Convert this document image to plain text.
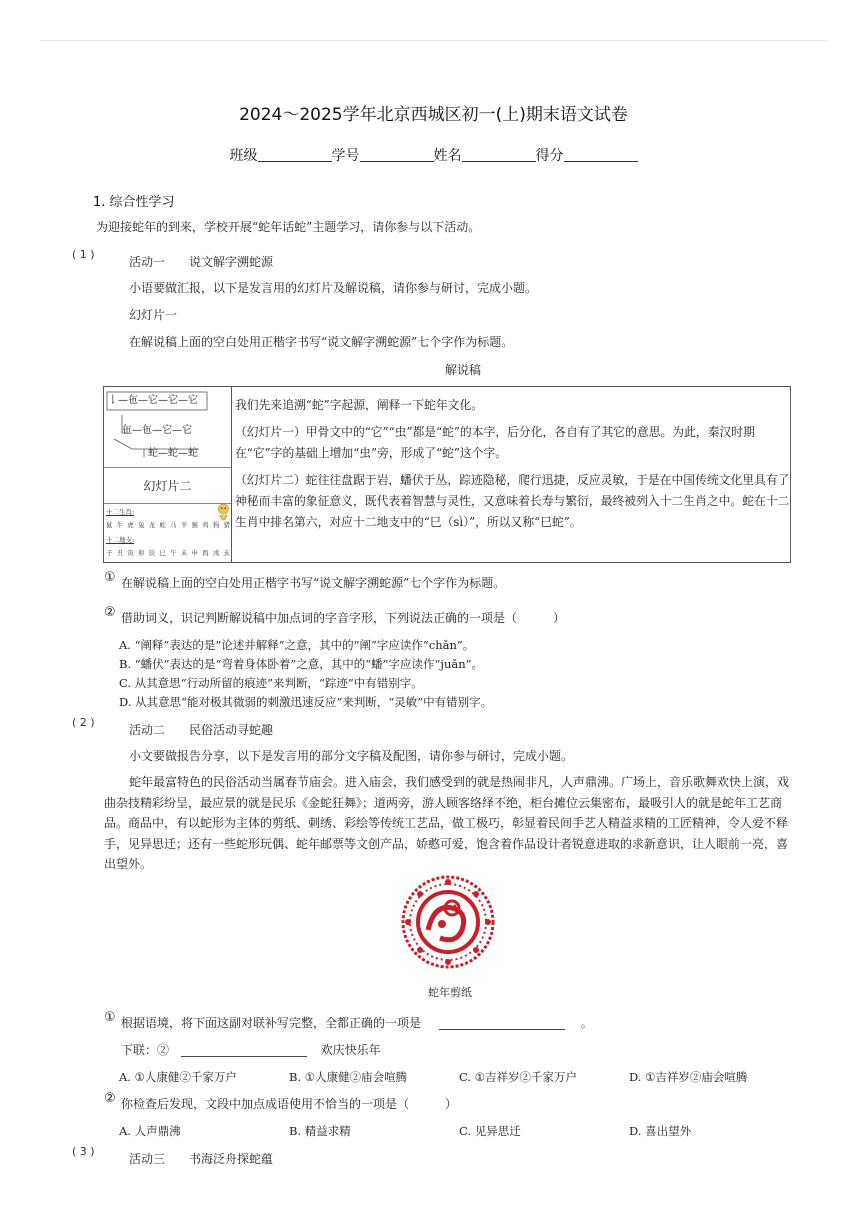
2024～2025学年北京西城区初一(上)期末语文试卷
班级	学号	姓名	得分
1. 综合性学习
为迎接蛇年的到来，学校开展“蛇年话蛇”主题学习，请你参与以下活动。
( 1 )
活动一　　说文解字溯蛇源
小语要做汇报，以下是发言用的幻灯片及解说稿，请你参与研讨，完成小题。
幻灯片一
在解说稿上面的空白处用正楷字书写“说文解字溯蛇源”七个字作为标题。
解说稿
𠄌—㐌—它—它—它
㐌—㐌—它—它
蛇—蛇—蛇
幻灯片二
十二生肖:
鼠 牛 虎 兔 龙 蛇 马 羊 猴 鸡 狗 猪
十二地支:
子 丑 寅 卯 辰 巳 午 未 申 酉 戌 亥

我们先来追溯“蛇”字起源，阐释一下蛇年文化。

（幻灯片一）甲骨文中的“它”“虫”都是“蛇”的本字，后分化，各自有了其它的意思。为此，秦汉时期在“它”字的基础上增加“虫”旁，形成了“蛇”这个字。

（幻灯片二）蛇往往盘踞于岩，蟠伏于丛，踪迹隐秘，爬行迅捷，反应灵敏，于是在中国传统文化里具有了神秘而丰富的象征意义，既代表着智慧与灵性，又意味着长寿与繁衍，最终被列入十二生肖之中。蛇在十二生肖中排名第六，对应十二地支中的“巳（sì）”，所以又称“巳蛇”。

① 在解说稿上面的空白处用正楷字书写“说文解字溯蛇源”七个字作为标题。
② 借助词义，识记判断解说稿中加点词的字音字形，下列说法正确的一项是（　　　）
A. “阐释”表达的是“论述并解释”之意，其中的“阐”字应读作“chǎn”。
B. “蟠伏”表达的是“弯着身体卧着”之意，其中的“蟠”字应读作“juǎn”。
C. 从其意思“行动所留的痕迹”来判断，“踪迹”中有错别字。
D. 从其意思“能对极其微弱的刺激迅速反应”来判断，“灵敏”中有错别字。
( 2 )
活动二　　民俗活动寻蛇趣
小文要做报告分享，以下是发言用的部分文字稿及配图，请你参与研讨，完成小题。
蛇年最富特色的民俗活动当属春节庙会。进入庙会，我们感受到的就是热闹非凡，人声鼎沸。广场上，音乐歌舞欢快上演，戏曲杂技精彩纷呈，最应景的就是民乐《金蛇狂舞》；道两旁，游人顾客络绎不绝，柜台摊位云集密布，最吸引人的就是蛇年工艺商品。商品中，有以蛇形为主体的剪纸、刺绣、彩绘等传统工艺品，做工极巧，彰显着民间手艺人精益求精的工匠精神，令人爱不释手，见异思迁；还有一些蛇形玩偶、蛇年邮票等文创产品，娇憨可爱，饱含着作品设计者锐意进取的求新意识，让人眼前一亮，喜出望外。
蛇年剪纸
① 根据语境，将下面这副对联补写完整，全都正确的一项是	。
下联：②	欢庆快乐年
A. ①人康健②千家万户	B. ①人康健②庙会喧腾	C. ①吉祥岁②千家万户	D. ①吉祥岁②庙会喧腾
② 你检查后发现，文段中加点成语使用不恰当的一项是（　　　）
A. 人声鼎沸	B. 精益求精	C. 见异思迁	D. 喜出望外
( 3 )
活动三　　书海泛舟探蛇蕴
